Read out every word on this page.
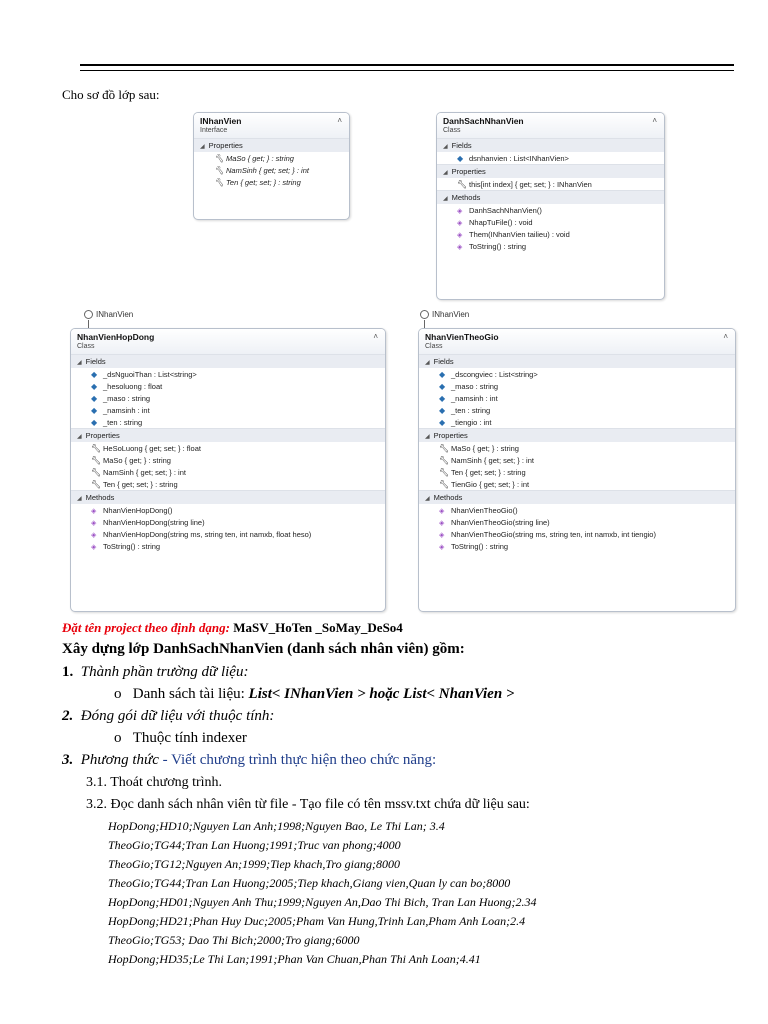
Cho sơ đồ lớp sau:
INhanVien
Interface
˄
◢ Properties
🔧︎ MaSo { get; } : string
🔧︎ NamSinh { get; set; } : int
🔧︎ Ten { get; set; } : string
DanhSachNhanVien
Class
˄
◢ Fields
◆ dsnhanvien : List<INhanVien>
◢ Properties
🔧︎ this[int index] { get; set; } : INhanVien
◢ Methods
◈ DanhSachNhanVien()
◈ NhapTuFile() : void
◈ Them(INhanVien tailieu) : void
◈ ToString() : string
INhanVien	INhanVien
NhanVienHopDong
Class
˄
◢ Fields
◆ _dsNguoiThan : List<string>
◆ _hesoluong : float
◆ _maso : string
◆ _namsinh : int
◆ _ten : string
◢ Properties
🔧︎ HeSoLuong { get; set; } : float
🔧︎ MaSo { get; } : string
🔧︎ NamSinh { get; set; } : int
🔧︎ Ten { get; set; } : string
◢ Methods
◈ NhanVienHopDong()
◈ NhanVienHopDong(string line)
◈ NhanVienHopDong(string ms, string ten, int namxb, float heso)
◈ ToString() : string
NhanVienTheoGio
Class
˄
◢ Fields
◆ _dscongviec : List<string>
◆ _maso : string
◆ _namsinh : int
◆ _ten : string
◆ _tiengio : int
◢ Properties
🔧︎ MaSo { get; } : string
🔧︎ NamSinh { get; set; } : int
🔧︎ Ten { get; set; } : string
🔧︎ TienGio { get; set; } : int
◢ Methods
◈ NhanVienTheoGio()
◈ NhanVienTheoGio(string line)
◈ NhanVienTheoGio(string ms, string ten, int namxb, int tiengio)
◈ ToString() : string
Đặt tên project theo định dạng: MaSV_HoTen _SoMay_DeSo4
Xây dựng lớp DanhSachNhanVien (danh sách nhân viên) gồm:
1. Thành phần trường dữ liệu:
o Danh sách tài liệu: List< INhanVien > hoặc List< NhanVien >
2. Đóng gói dữ liệu với thuộc tính:
o Thuộc tính indexer
3. Phương thức - Viết chương trình thực hiện theo chức năng:
3.1. Thoát chương trình.
3.2. Đọc danh sách nhân viên từ file - Tạo file có tên mssv.txt chứa dữ liệu sau:
HopDong;HD10;Nguyen Lan Anh;1998;Nguyen Bao, Le Thi Lan; 3.4
TheoGio;TG44;Tran Lan Huong;1991;Truc van phong;4000
TheoGio;TG12;Nguyen An;1999;Tiep khach,Tro giang;8000
TheoGio;TG44;Tran Lan Huong;2005;Tiep khach,Giang vien,Quan ly can bo;8000
HopDong;HD01;Nguyen Anh Thu;1999;Nguyen An,Dao Thi Bich, Tran Lan Huong;2.34
HopDong;HD21;Phan Huy Duc;2005;Pham Van Hung,Trinh Lan,Pham Anh Loan;2.4
TheoGio;TG53; Dao Thi Bich;2000;Tro giang;6000
HopDong;HD35;Le Thi Lan;1991;Phan Van Chuan,Phan Thi Anh Loan;4.41
